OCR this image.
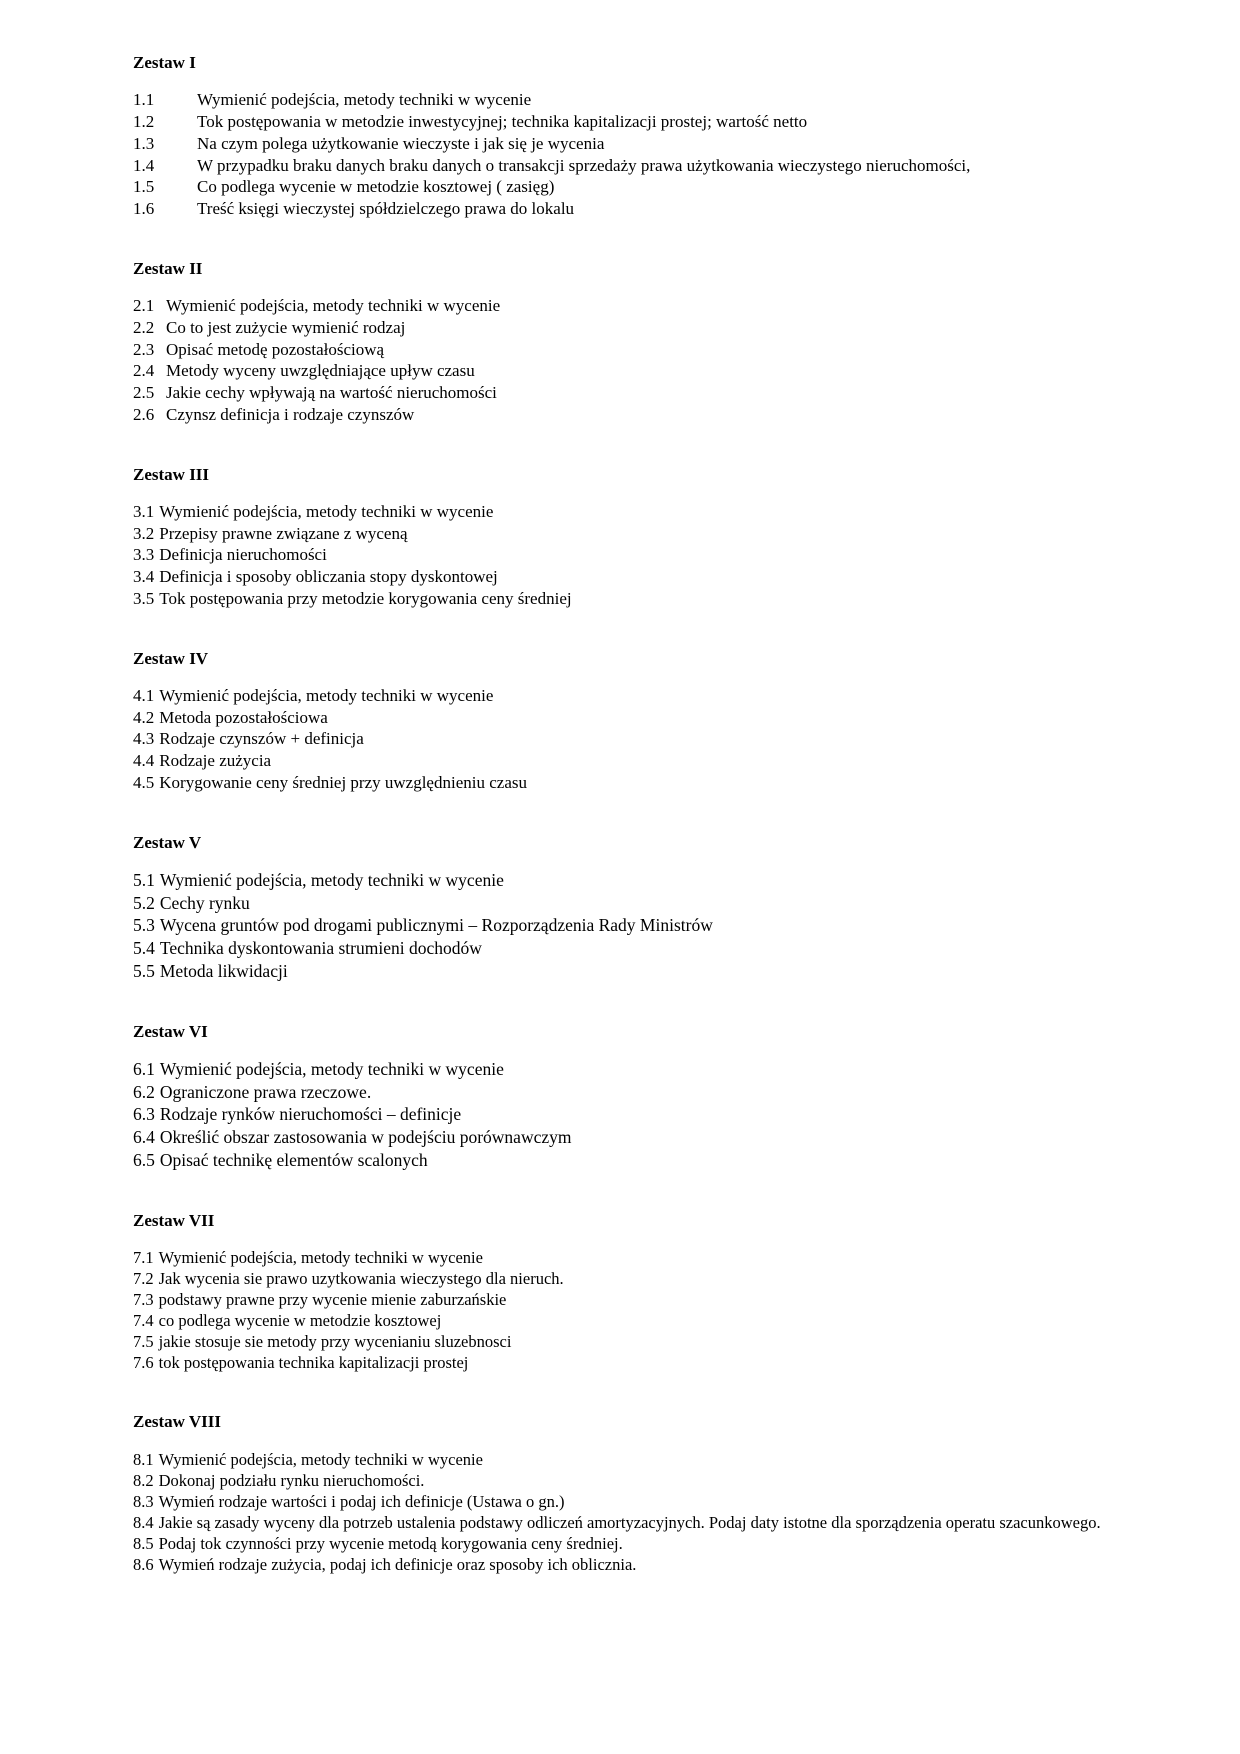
Zestaw I

1.1	Wymienić podejścia, metody techniki w wycenie

1.2	Tok postępowania w metodzie inwestycyjnej; technika kapitalizacji prostej; wartość netto

1.3	Na czym polega użytkowanie wieczyste i jak się je wycenia

1.4	W przypadku braku danych braku danych o transakcji sprzedaży prawa użytkowania wieczystego nieruchomości,

1.5	Co podlega wycenie w metodzie kosztowej ( zasięg)

1.6	Treść księgi wieczystej spółdzielczego prawa do lokalu

Zestaw II

2.1 Wymienić podejścia, metody techniki w wycenie

2.2 Co to jest zużycie wymienić rodzaj

2.3 Opisać metodę pozostałościową

2.4 Metody wyceny uwzględniające upływ czasu

2.5 Jakie cechy wpływają na wartość nieruchomości

2.6 Czynsz definicja i rodzaje czynszów

Zestaw III

3.1 Wymienić podejścia, metody techniki w wycenie

3.2 Przepisy prawne związane z wyceną

3.3 Definicja nieruchomości

3.4 Definicja i sposoby obliczania stopy dyskontowej

3.5 Tok postępowania przy metodzie korygowania ceny średniej

Zestaw IV

4.1 Wymienić podejścia, metody techniki w wycenie

4.2 Metoda pozostałościowa

4.3 Rodzaje czynszów + definicja

4.4 Rodzaje zużycia

4.5 Korygowanie ceny średniej przy uwzględnieniu czasu

Zestaw V

5.1 Wymienić podejścia, metody techniki w wycenie

5.2 Cechy rynku

5.3 Wycena gruntów pod drogami publicznymi – Rozporządzenia Rady Ministrów

5.4 Technika dyskontowania strumieni dochodów

5.5 Metoda likwidacji

Zestaw VI

6.1 Wymienić podejścia, metody techniki w wycenie

6.2 Ograniczone prawa rzeczowe.

6.3 Rodzaje rynków nieruchomości – definicje

6.4 Określić obszar zastosowania w podejściu porównawczym

6.5 Opisać technikę elementów scalonych

Zestaw VII

7.1 Wymienić podejścia, metody techniki w wycenie

7.2 Jak wycenia sie prawo uzytkowania wieczystego dla nieruch.

7.3 podstawy prawne przy wycenie mienie zaburzańskie

7.4 co podlega wycenie w metodzie kosztowej

7.5 jakie stosuje sie metody przy wycenianiu sluzebnosci

7.6 tok postępowania technika kapitalizacji prostej

Zestaw VIII

8.1 Wymienić podejścia, metody techniki w wycenie

8.2 Dokonaj podziału rynku nieruchomości.

8.3 Wymień rodzaje wartości i podaj ich definicje (Ustawa o gn.)

8.4 Jakie są zasady wyceny dla potrzeb ustalenia podstawy odliczeń amortyzacyjnych. Podaj daty istotne dla sporządzenia operatu szacunkowego.

8.5 Podaj tok czynności przy wycenie metodą korygowania ceny średniej.

8.6 Wymień rodzaje zużycia, podaj ich definicje oraz sposoby ich oblicznia.
